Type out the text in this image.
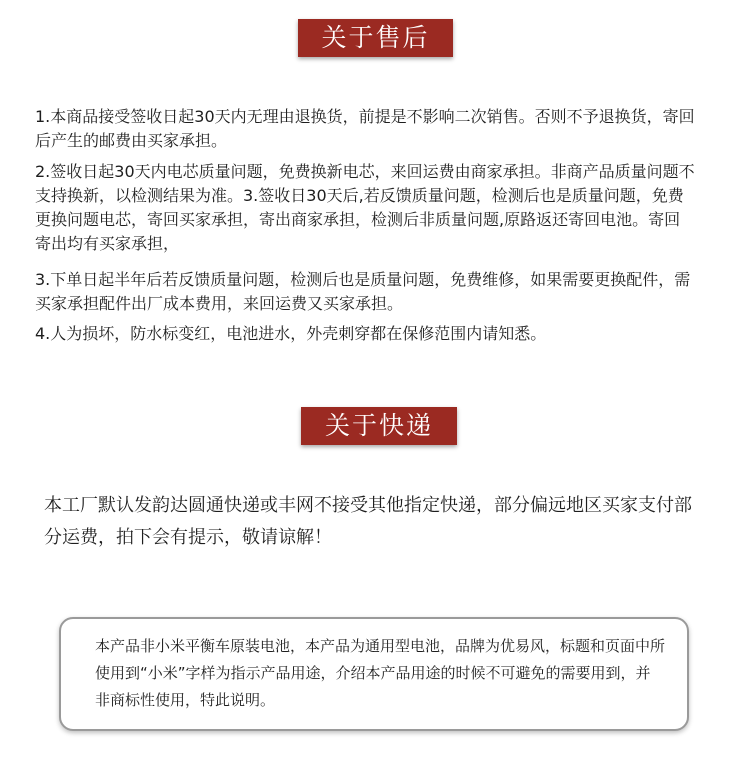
关于售后

1.本商品接受签收日起30天内无理由退换货，前提是不影响二次销售。否则不予退换货，寄回后产生的邮费由买家承担。

2.签收日起30天内电芯质量问题，免费换新电芯，来回运费由商家承担。非商产品质量问题不支持换新，以检测结果为准。3.签收日30天后,若反馈质量问题，检测后也是质量问题，免费更换问题电芯，寄回买家承担，寄出商家承担，检测后非质量问题,原路返还寄回电池。寄回寄出均有买家承担，

3.下单日起半年后若反馈质量问题，检测后也是质量问题，免费维修，如果需要更换配件，需买家承担配件出厂成本费用，来回运费又买家承担。

4.人为损坏，防水标变红，电池进水，外壳刺穿都在保修范围内请知悉。

关于快递

本工厂默认发韵达圆通快递或丰网不接受其他指定快递，部分偏远地区买家支付部分运费，拍下会有提示，敬请谅解！

本产品非小米平衡车原装电池，本产品为通用型电池，品牌为优易风，标题和页面中所使用到“小米”字样为指示产品用途，介绍本产品用途的时候不可避免的需要用到，并非商标性使用，特此说明。
